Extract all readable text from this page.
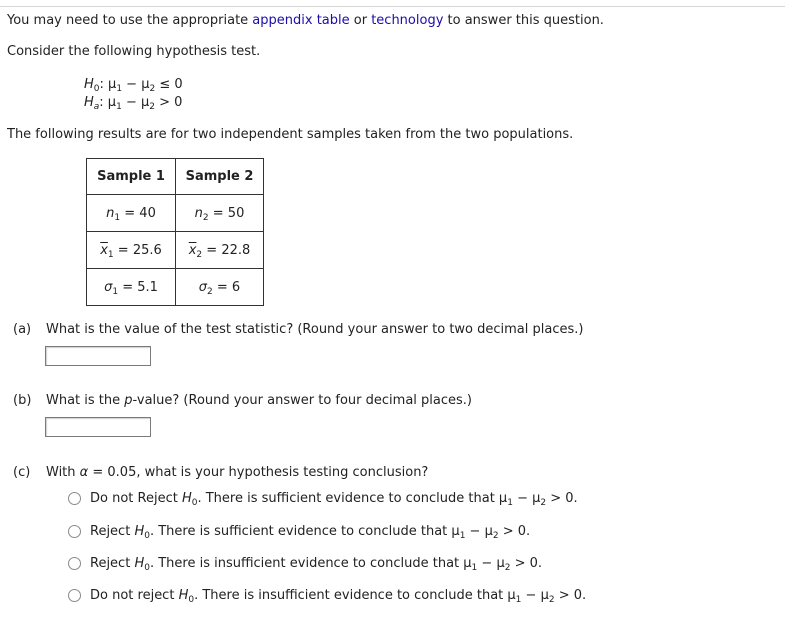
You may need to use the appropriate appendix table or technology to answer this question.
Consider the following hypothesis test.
$H_0$: $\mu_1 - \mu_2 \le 0$
$H_a$: $\mu_1 - \mu_2 > 0$
The following results are for two independent samples taken from the two populations.
Sample 1	Sample 2
$n_1 = 40$	$n_2 = 50$
$\overline{x}_1 = 25.6$	$\overline{x}_2 = 22.8$
$\sigma_1 = 5.1$	$\sigma_2 = 6$
(a) What is the value of the test statistic? (Round your answer to two decimal places.)
(b) What is the p-value? (Round your answer to four decimal places.)
(c) With α = 0.05, what is your hypothesis testing conclusion?
Do not Reject $H_0$. There is sufficient evidence to conclude that $\mu_1 - \mu_2 > 0$.
Reject $H_0$. There is sufficient evidence to conclude that $\mu_1 - \mu_2 > 0$.
Reject $H_0$. There is insufficient evidence to conclude that $\mu_1 - \mu_2 > 0$.
Do not reject $H_0$. There is insufficient evidence to conclude that $\mu_1 - \mu_2 > 0$.
